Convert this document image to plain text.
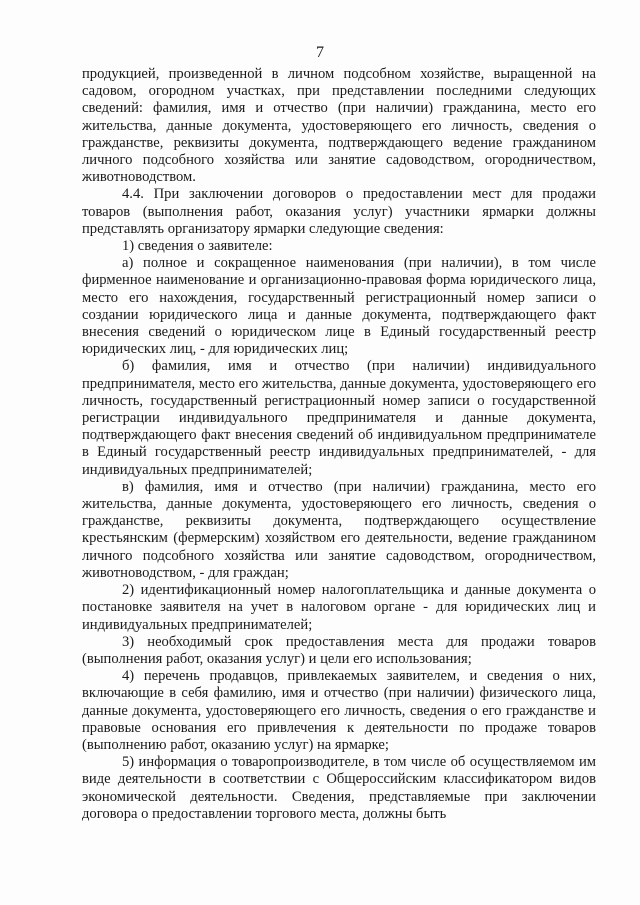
7

продукцией, произведенной в личном подсобном хозяйстве, выращенной на садовом, огородном участках, при представлении последними следующих сведений: фамилия, имя и отчество (при наличии) гражданина, место его жительства, данные документа, удостоверяющего его личность, сведения о гражданстве, реквизиты документа, подтверждающего ведение гражданином личного подсобного хозяйства или занятие садоводством, огородничеством, животноводством.

4.4. При заключении договоров о предоставлении мест для продажи товаров (выполнения работ, оказания услуг) участники ярмарки должны представлять организатору ярмарки следующие сведения:

1) сведения о заявителе:

а) полное и сокращенное наименования (при наличии), в том числе фирменное наименование и организационно-правовая форма юридического лица, место его нахождения, государственный регистрационный номер записи о создании юридического лица и данные документа, подтверждающего факт внесения сведений о юридическом лице в Единый государственный реестр юридических лиц, - для юридических лиц;

б) фамилия, имя и отчество (при наличии) индивидуального предпринимателя, место его жительства, данные документа, удостоверяющего его личность, государственный регистрационный номер записи о государственной регистрации индивидуального предпринимателя и данные документа, подтверждающего факт внесения сведений об индивидуальном предпринимателе в Единый государственный реестр индивидуальных предпринимателей, - для индивидуальных предпринимателей;

в) фамилия, имя и отчество (при наличии) гражданина, место его жительства, данные документа, удостоверяющего его личность, сведения о гражданстве, реквизиты документа, подтверждающего осуществление крестьянским (фермерским) хозяйством его деятельности, ведение гражданином личного подсобного хозяйства или занятие садоводством, огородничеством, животноводством, - для граждан;

2) идентификационный номер налогоплательщика и данные документа о постановке заявителя на учет в налоговом органе - для юридических лиц и индивидуальных предпринимателей;

3) необходимый срок предоставления места для продажи товаров (выполнения работ, оказания услуг) и цели его использования;

4) перечень продавцов, привлекаемых заявителем, и сведения о них, включающие в себя фамилию, имя и отчество (при наличии) физического лица, данные документа, удостоверяющего его личность, сведения о его гражданстве и правовые основания его привлечения к деятельности по продаже товаров (выполнению работ, оказанию услуг) на ярмарке;

5) информация о товаропроизводителе, в том числе об осуществляемом им виде деятельности в соответствии с Общероссийским классификатором видов экономической деятельности. Сведения, представляемые при заключении договора о предоставлении торгового места, должны быть
